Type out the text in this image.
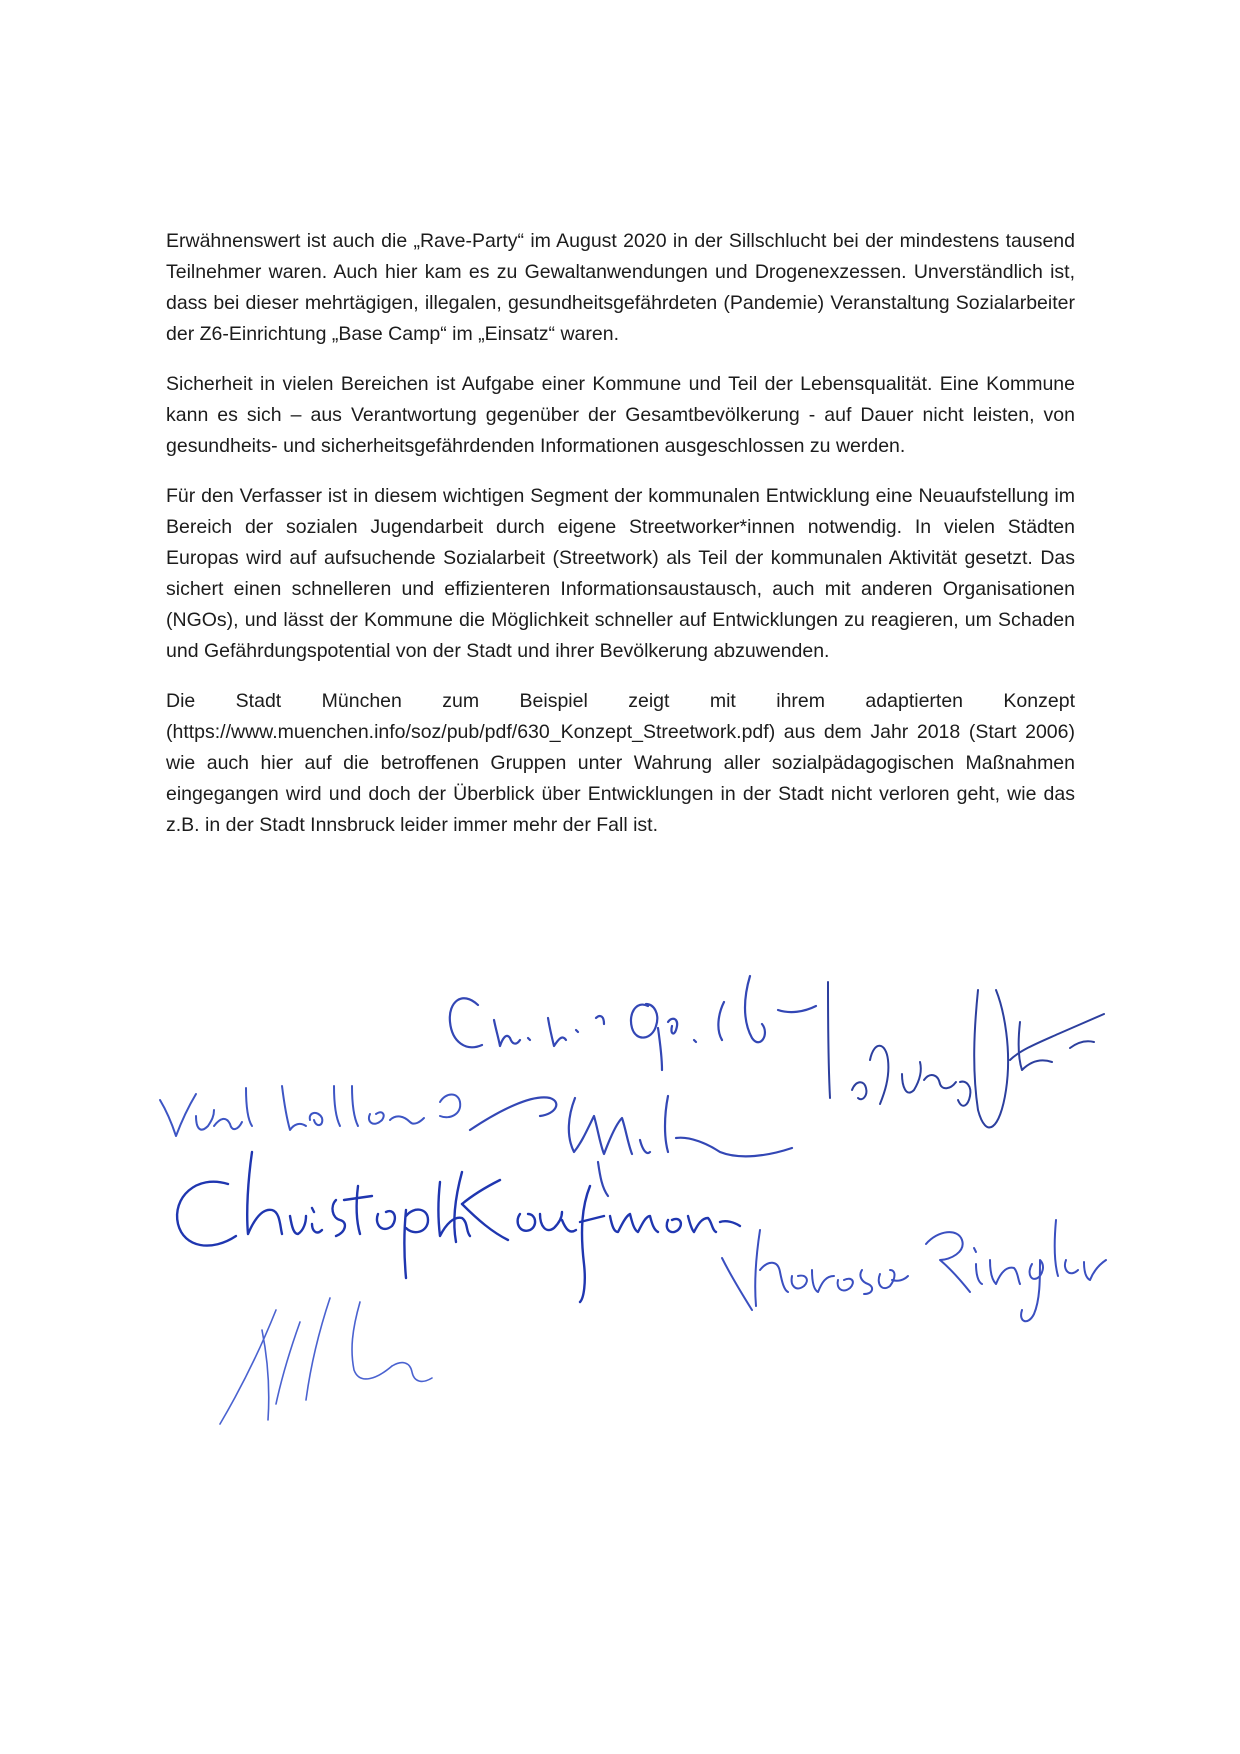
Erwähnenswert ist auch die „Rave-Party“ im August 2020 in der Sillschlucht bei der mindestens tausend Teilnehmer waren. Auch hier kam es zu Gewaltanwendungen und Drogenexzessen. Unverständlich ist, dass bei dieser mehrtägigen, illegalen, gesundheitsgefährdeten (Pandemie) Veranstaltung Sozialarbeiter der Z6-Einrichtung „Base Camp“ im „Einsatz“ waren.

Sicherheit in vielen Bereichen ist Aufgabe einer Kommune und Teil der Lebensqualität. Eine Kommune kann es sich – aus Verantwortung gegenüber der Gesamtbevölkerung - auf Dauer nicht leisten, von gesundheits- und sicherheitsgefährdenden Informationen ausgeschlossen zu werden.

Für den Verfasser ist in diesem wichtigen Segment der kommunalen Entwicklung eine Neuaufstellung im Bereich der sozialen Jugendarbeit durch eigene Streetworker*innen notwendig. In vielen Städten Europas wird auf aufsuchende Sozialarbeit (Streetwork) als Teil der kommunalen Aktivität gesetzt. Das sichert einen schnelleren und effizienteren Informationsaustausch, auch mit anderen Organisationen (NGOs), und lässt der Kommune die Möglichkeit schneller auf Entwicklungen zu reagieren, um Schaden und Gefährdungspotential von der Stadt und ihrer Bevölkerung abzuwenden.

Die Stadt München zum Beispiel zeigt mit ihrem adaptierten Konzept (https://www.muenchen.info/soz/pub/pdf/630_Konzept_Streetwork.pdf) aus dem Jahr 2018 (Start 2006) wie auch hier auf die betroffenen Gruppen unter Wahrung aller sozialpädagogischen Maßnahmen eingegangen wird und doch der Überblick über Entwicklungen in der Stadt nicht verloren geht, wie das z.B. in der Stadt Innsbruck leider immer mehr der Fall ist.
